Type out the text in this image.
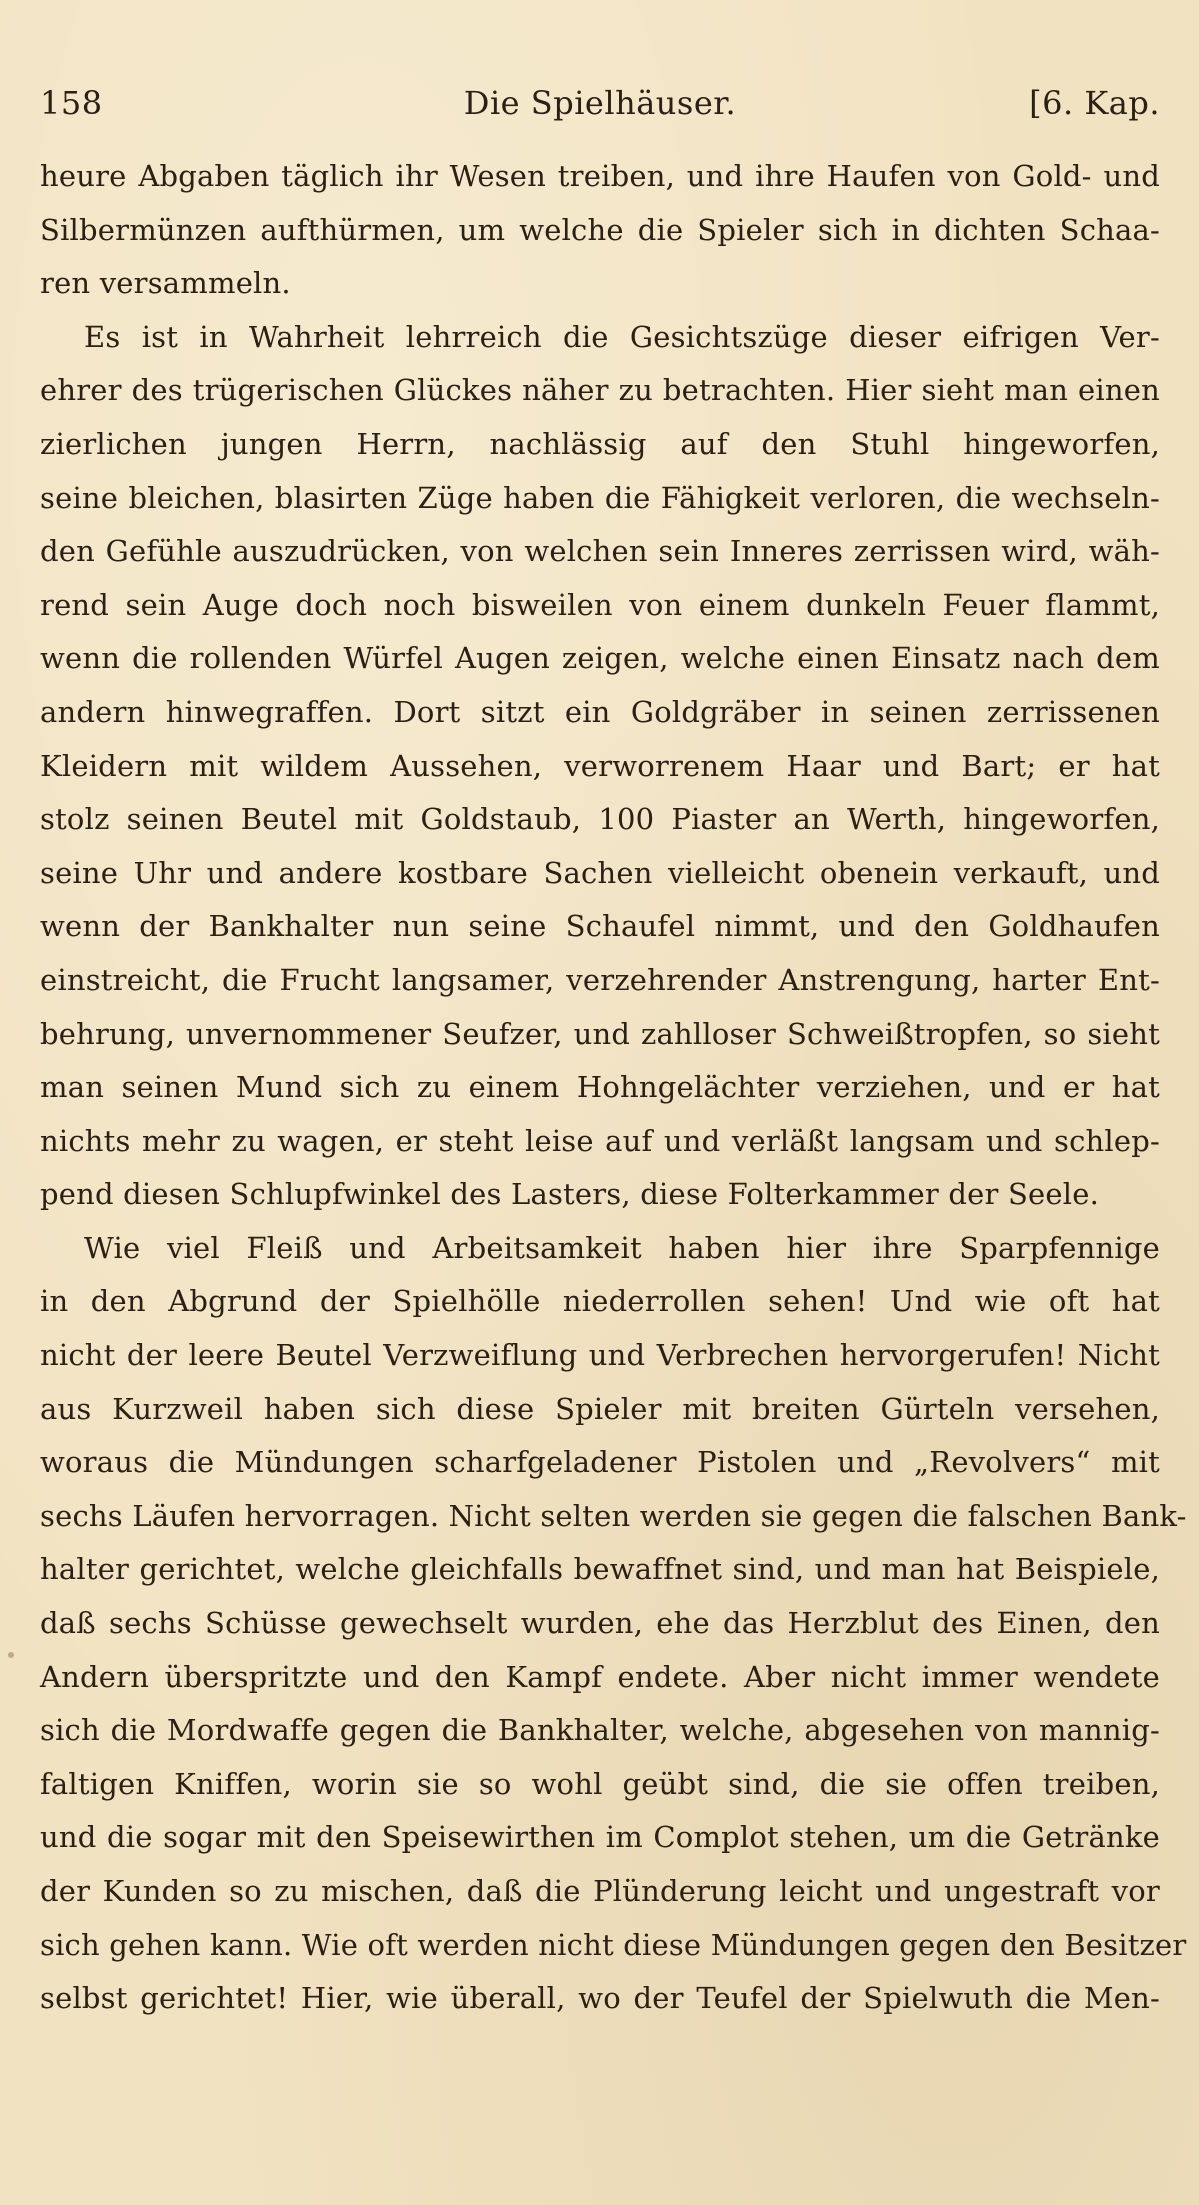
158	Die Spielhäuser.	[6. Kap.
heure Abgaben täglich ihr Wesen treiben, und ihre Haufen von Gold- und
Silbermünzen aufthürmen, um welche die Spieler sich in dichten Schaa-
ren versammeln.
Es ist in Wahrheit lehrreich die Gesichtszüge dieser eifrigen Ver-
ehrer des trügerischen Glückes näher zu betrachten. Hier sieht man einen
zierlichen jungen Herrn, nachlässig auf den Stuhl hingeworfen,
seine bleichen, blasirten Züge haben die Fähigkeit verloren, die wechseln-
den Gefühle auszudrücken, von welchen sein Inneres zerrissen wird, wäh-
rend sein Auge doch noch bisweilen von einem dunkeln Feuer flammt,
wenn die rollenden Würfel Augen zeigen, welche einen Einsatz nach dem
andern hinwegraffen. Dort sitzt ein Goldgräber in seinen zerrissenen
Kleidern mit wildem Aussehen, verworrenem Haar und Bart; er hat
stolz seinen Beutel mit Goldstaub, 100 Piaster an Werth, hingeworfen,
seine Uhr und andere kostbare Sachen vielleicht obenein verkauft, und
wenn der Bankhalter nun seine Schaufel nimmt, und den Goldhaufen
einstreicht, die Frucht langsamer, verzehrender Anstrengung, harter Ent-
behrung, unvernommener Seufzer, und zahlloser Schweißtropfen, so sieht
man seinen Mund sich zu einem Hohngelächter verziehen, und er hat
nichts mehr zu wagen, er steht leise auf und verläßt langsam und schlep-
pend diesen Schlupfwinkel des Lasters, diese Folterkammer der Seele.
Wie viel Fleiß und Arbeitsamkeit haben hier ihre Sparpfennige
in den Abgrund der Spielhölle niederrollen sehen! Und wie oft hat
nicht der leere Beutel Verzweiflung und Verbrechen hervorgerufen! Nicht
aus Kurzweil haben sich diese Spieler mit breiten Gürteln versehen,
woraus die Mündungen scharfgeladener Pistolen und „Revolvers“ mit
sechs Läufen hervorragen. Nicht selten werden sie gegen die falschen Bank-
halter gerichtet, welche gleichfalls bewaffnet sind, und man hat Beispiele,
daß sechs Schüsse gewechselt wurden, ehe das Herzblut des Einen, den
Andern überspritzte und den Kampf endete. Aber nicht immer wendete
sich die Mordwaffe gegen die Bankhalter, welche, abgesehen von mannig-
faltigen Kniffen, worin sie so wohl geübt sind, die sie offen treiben,
und die sogar mit den Speisewirthen im Complot stehen, um die Getränke
der Kunden so zu mischen, daß die Plünderung leicht und ungestraft vor
sich gehen kann. Wie oft werden nicht diese Mündungen gegen den Besitzer
selbst gerichtet! Hier, wie überall, wo der Teufel der Spielwuth die Men-
